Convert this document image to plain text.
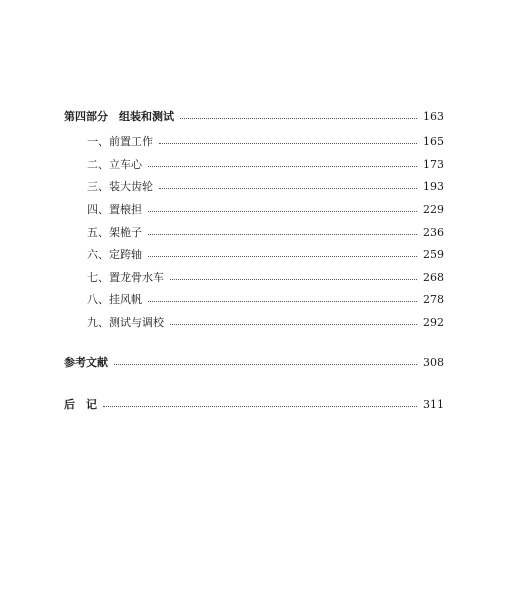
第四部分　组装和测试	163
一、前置工作	165
二、立车心	173
三、装大齿轮	193
四、置榱担	229
五、架桅子	236
六、定跨轴	259
七、置龙骨水车	268
八、挂风帆	278
九、测试与调校	292
参考文献	308
后　记	311
